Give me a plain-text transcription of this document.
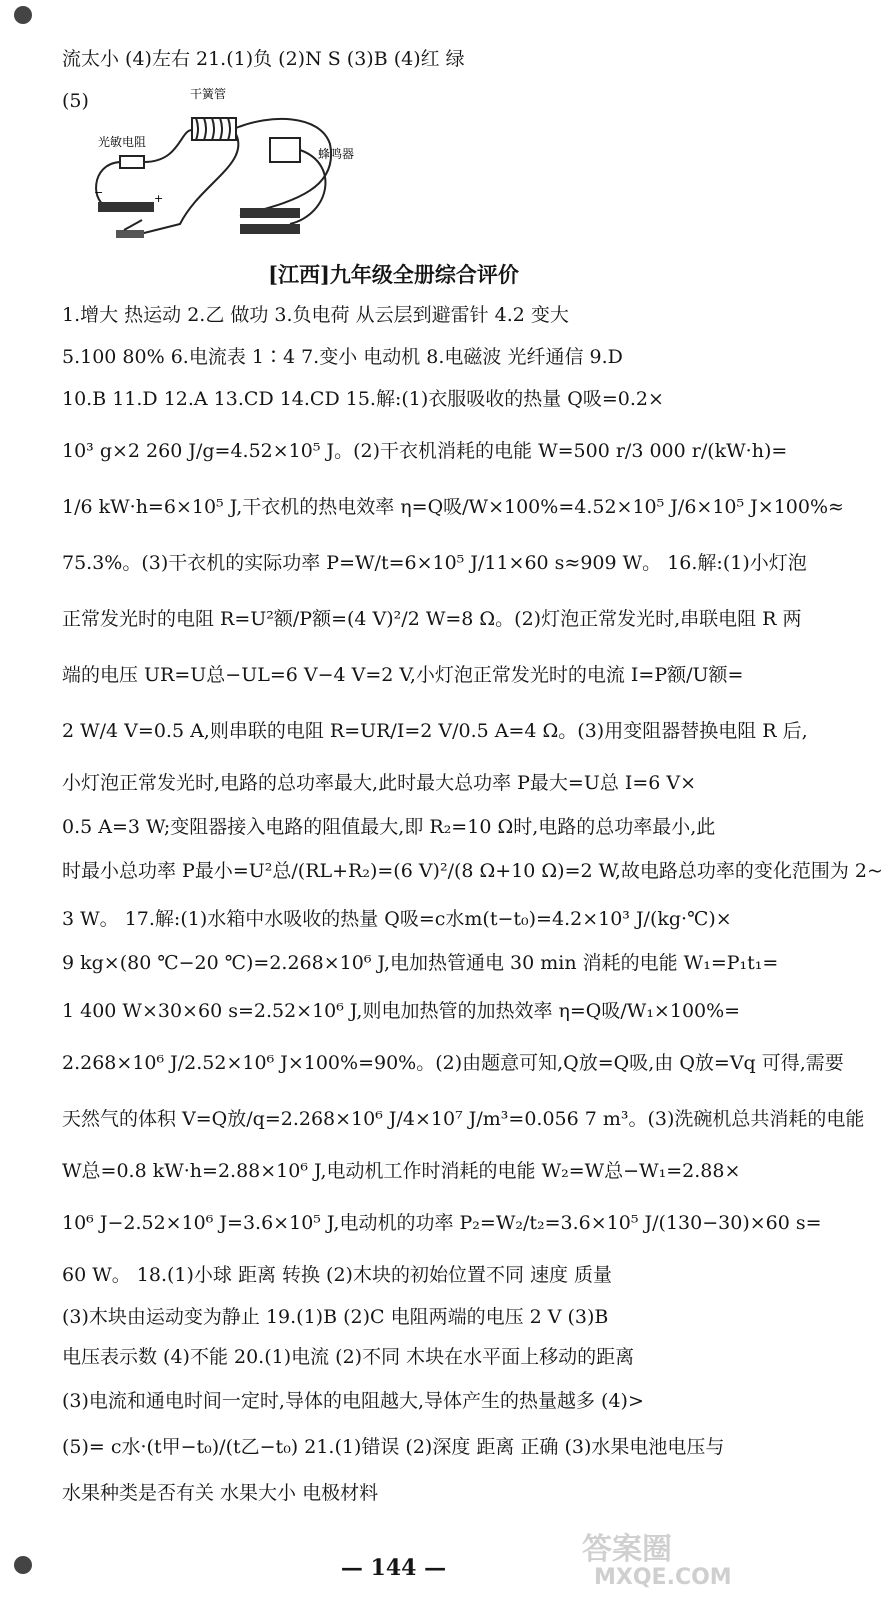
流太小 (4)左右 21.(1)负 (2)N S (3)B (4)红 绿
(5)	干簧管
光敏电阻
蜂鸣器
−	+
[江西]九年级全册综合评价
1.增大 热运动 2.乙 做功 3.负电荷 从云层到避雷针 4.2 变大
5.100 80% 6.电流表 1∶4 7.变小 电动机 8.电磁波 光纤通信 9.D
10.B 11.D 12.A 13.CD 14.CD 15.解:(1)衣服吸收的热量 Q吸=0.2×
10³ g×2 260 J/g=4.52×10⁵ J。(2)干衣机消耗的电能 W=500 r/3 000 r/(kW·h)=
1/6 kW·h=6×10⁵ J,干衣机的热电效率 η=Q吸/W×100%=4.52×10⁵ J/6×10⁵ J×100%≈
75.3%。(3)干衣机的实际功率 P=W/t=6×10⁵ J/11×60 s≈909 W。 16.解:(1)小灯泡
正常发光时的电阻 R=U²额/P额=(4 V)²/2 W=8 Ω。(2)灯泡正常发光时,串联电阻 R 两
端的电压 UR=U总−UL=6 V−4 V=2 V,小灯泡正常发光时的电流 I=P额/U额=
2 W/4 V=0.5 A,则串联的电阻 R=UR/I=2 V/0.5 A=4 Ω。(3)用变阻器替换电阻 R 后,
小灯泡正常发光时,电路的总功率最大,此时最大总功率 P最大=U总 I=6 V×
0.5 A=3 W;变阻器接入电路的阻值最大,即 R₂=10 Ω时,电路的总功率最小,此
时最小总功率 P最小=U²总/(RL+R₂)=(6 V)²/(8 Ω+10 Ω)=2 W,故电路总功率的变化范围为 2~
3 W。 17.解:(1)水箱中水吸收的热量 Q吸=c水m(t−t₀)=4.2×10³ J/(kg·℃)×
9 kg×(80 ℃−20 ℃)=2.268×10⁶ J,电加热管通电 30 min 消耗的电能 W₁=P₁t₁=
1 400 W×30×60 s=2.52×10⁶ J,则电加热管的加热效率 η=Q吸/W₁×100%=
2.268×10⁶ J/2.52×10⁶ J×100%=90%。(2)由题意可知,Q放=Q吸,由 Q放=Vq 可得,需要
天然气的体积 V=Q放/q=2.268×10⁶ J/4×10⁷ J/m³=0.056 7 m³。(3)洗碗机总共消耗的电能
W总=0.8 kW·h=2.88×10⁶ J,电动机工作时消耗的电能 W₂=W总−W₁=2.88×
10⁶ J−2.52×10⁶ J=3.6×10⁵ J,电动机的功率 P₂=W₂/t₂=3.6×10⁵ J/(130−30)×60 s=
60 W。 18.(1)小球 距离 转换 (2)木块的初始位置不同 速度 质量
(3)木块由运动变为静止 19.(1)B (2)C 电阻两端的电压 2 V (3)B
电压表示数 (4)不能 20.(1)电流 (2)不同 木块在水平面上移动的距离
(3)电流和通电时间一定时,导体的电阻越大,导体产生的热量越多 (4)>
(5)= c水·(t甲−t₀)/(t乙−t₀) 21.(1)错误 (2)深度 距离 正确 (3)水果电池电压与
水果种类是否有关 水果大小 电极材料
— 144 —
答案圈
MXQE.COM
